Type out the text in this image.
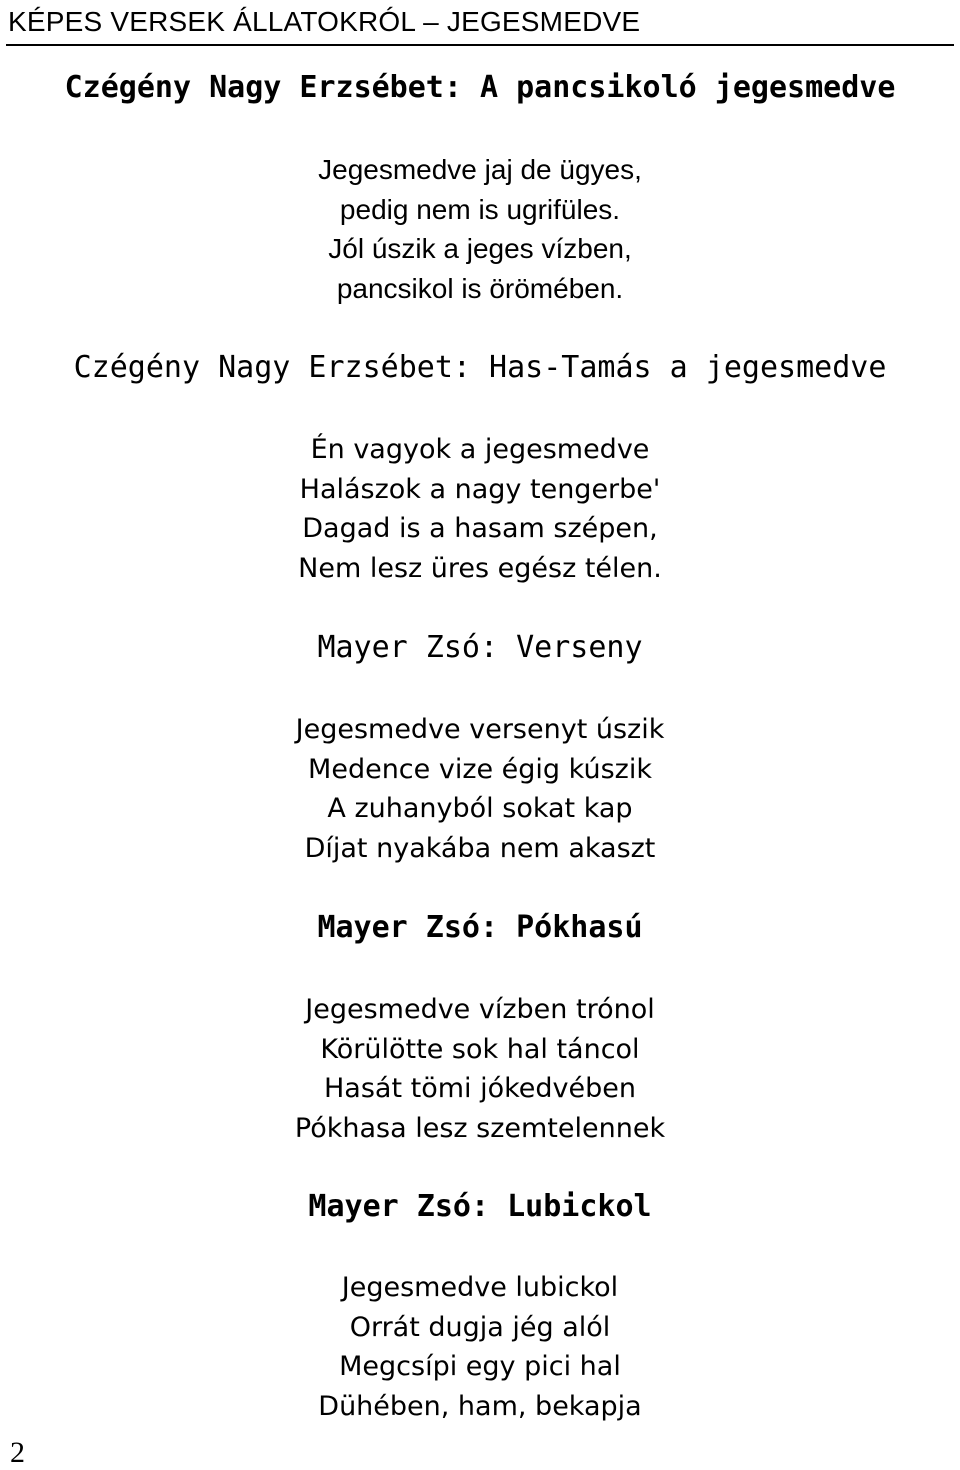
KÉPES VERSEK ÁLLATOKRÓL – JEGESMEDVE
Czégény Nagy Erzsébet: A pancsikoló jegesmedve
Jegesmedve jaj de ügyes,
pedig nem is ugrifüles.
Jól úszik a jeges vízben,
pancsikol is örömében.
Czégény Nagy Erzsébet: Has-Tamás a jegesmedve
Én vagyok a jegesmedve
Halászok a nagy tengerbe'
Dagad is a hasam szépen,
Nem lesz üres egész télen.
Mayer Zsó: Verseny
Jegesmedve versenyt úszik
Medence vize égig kúszik
A zuhanyból sokat kap
Díjat nyakába nem akaszt
Mayer Zsó: Pókhasú
Jegesmedve vízben trónol
Körülötte sok hal táncol
Hasát tömi jókedvében
Pókhasa lesz szemtelennek
Mayer Zsó: Lubickol
Jegesmedve lubickol
Orrát dugja jég alól
Megcsípi egy pici hal
Dühében, ham, bekapja
2
